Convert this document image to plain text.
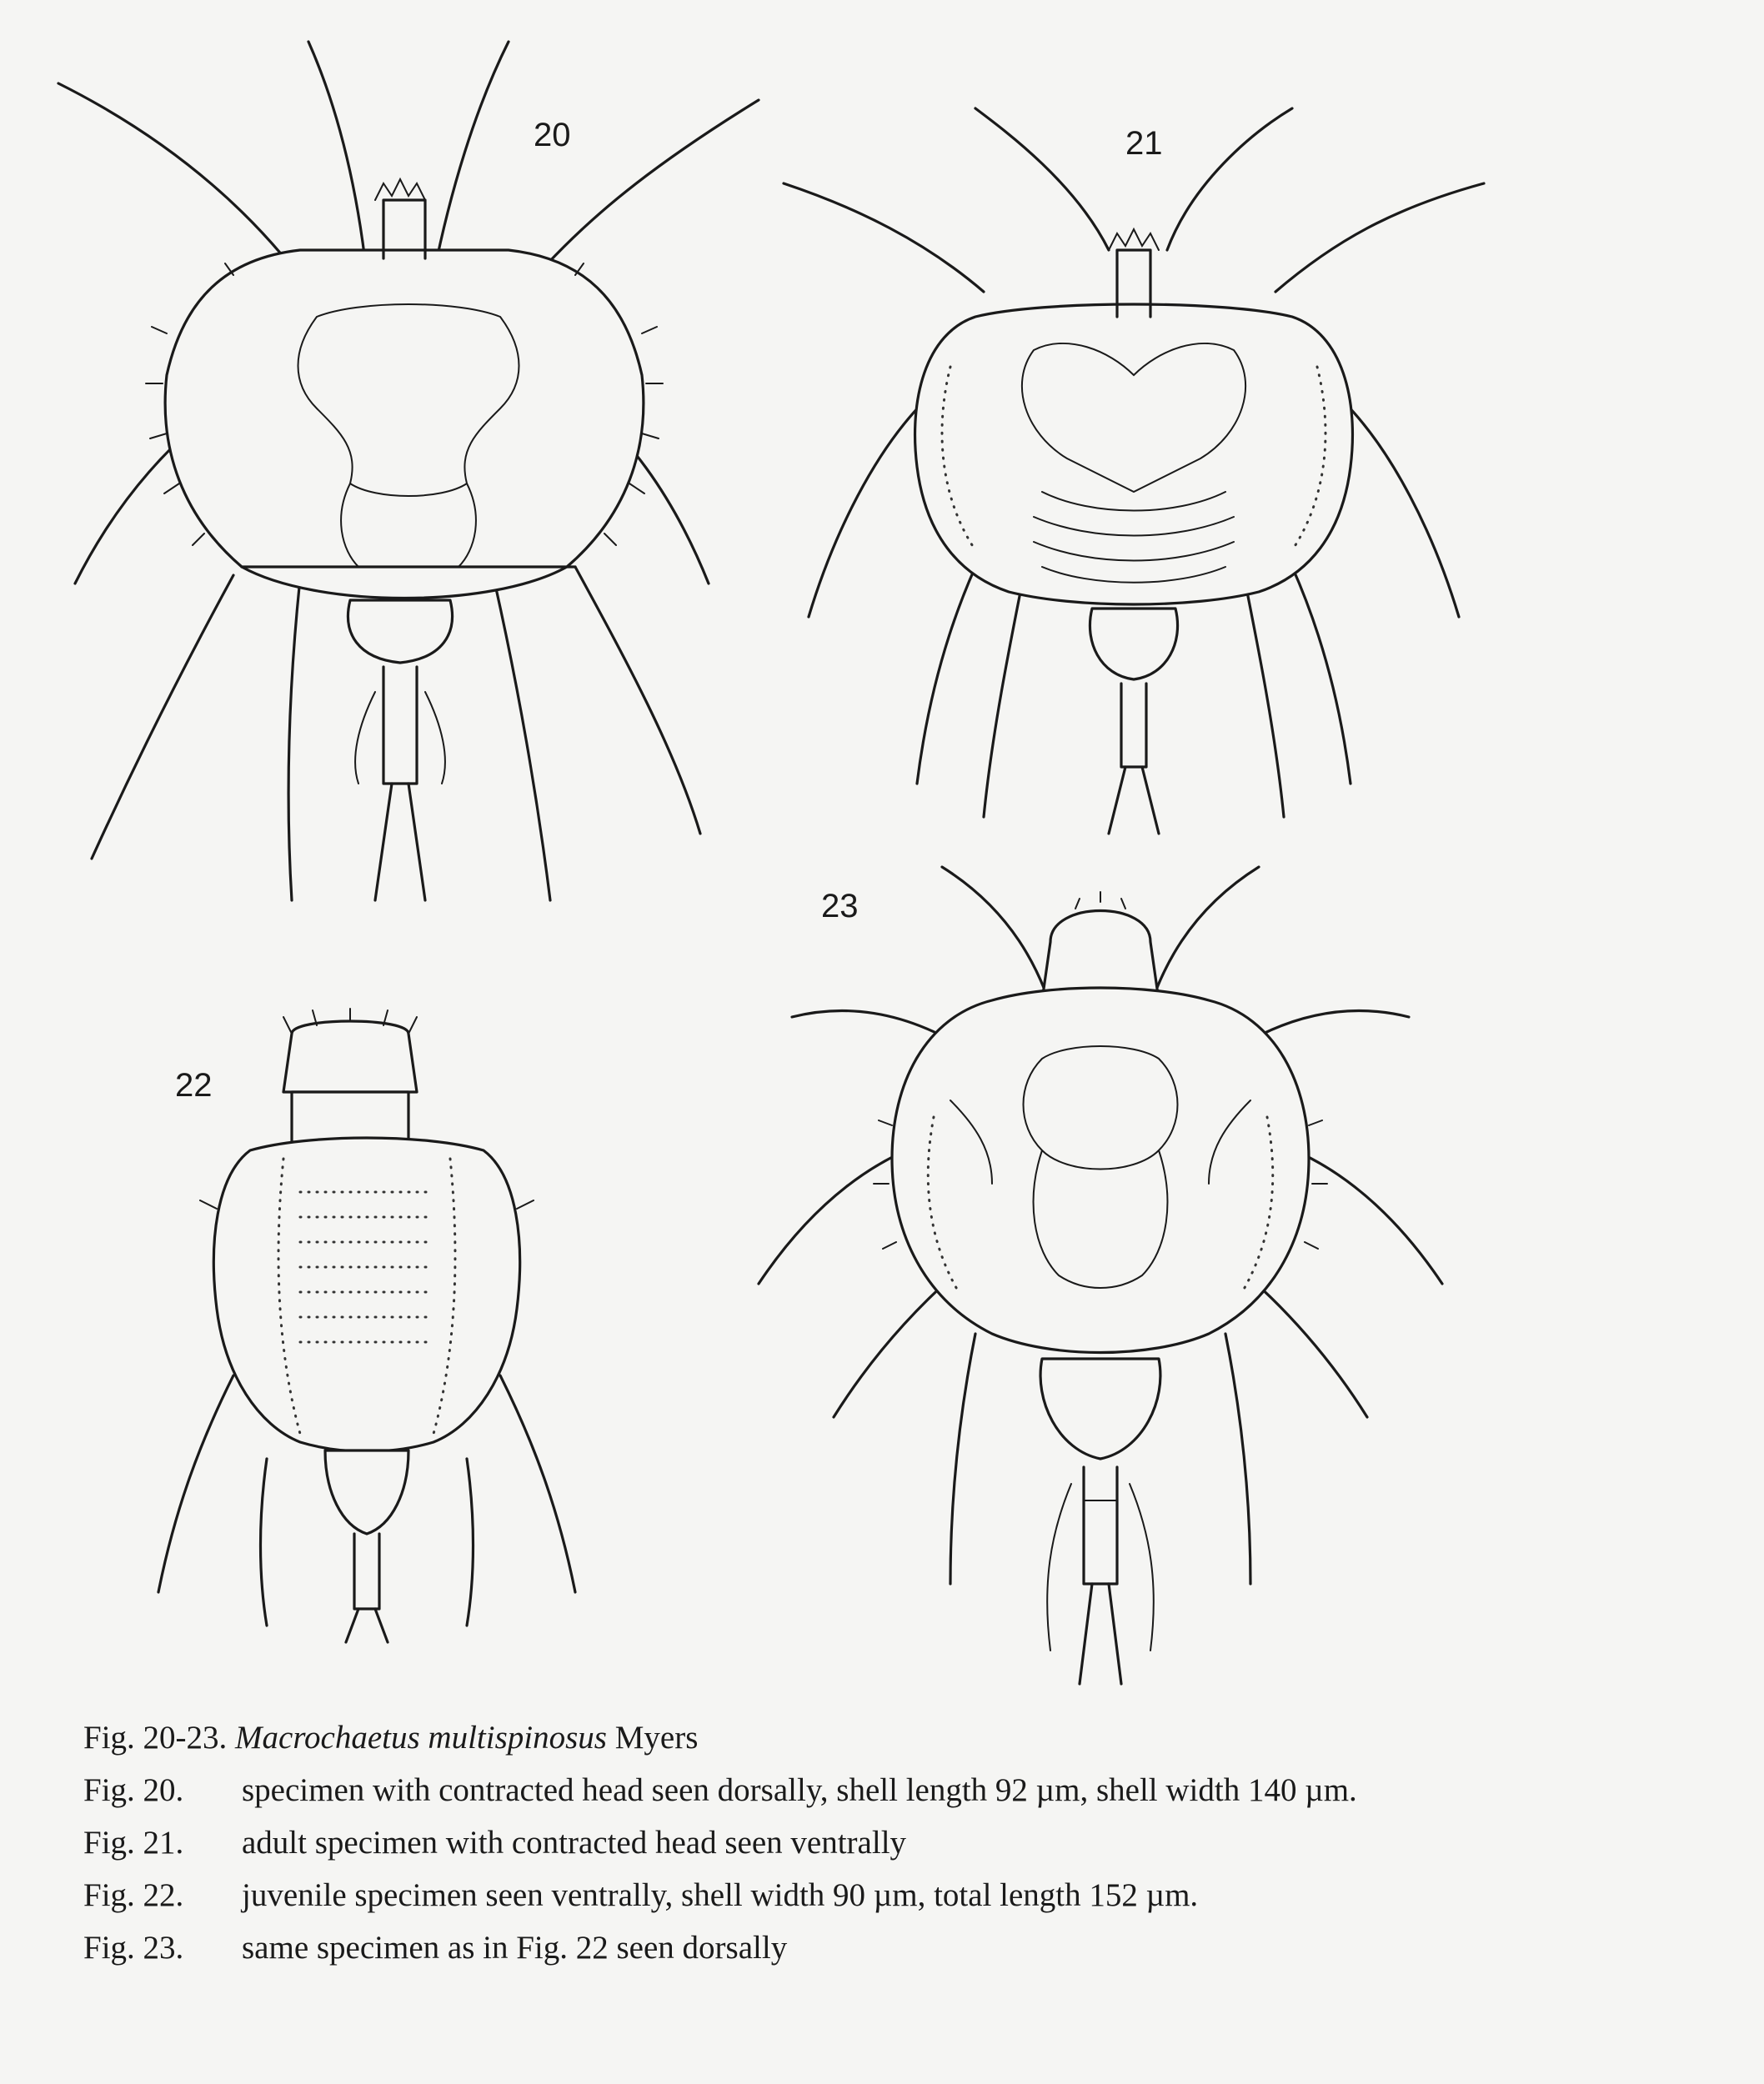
20	21
22
23
Fig. 20-23. Macrochaetus multispinosus Myers
Fig. 20. specimen with contracted head seen dorsally, shell length 92 µm, shell width 140 µm.
Fig. 21. adult specimen with contracted head seen ventrally
Fig. 22. juvenile specimen seen ventrally, shell width 90 µm, total length 152 µm.
Fig. 23. same specimen as in Fig. 22 seen dorsally
